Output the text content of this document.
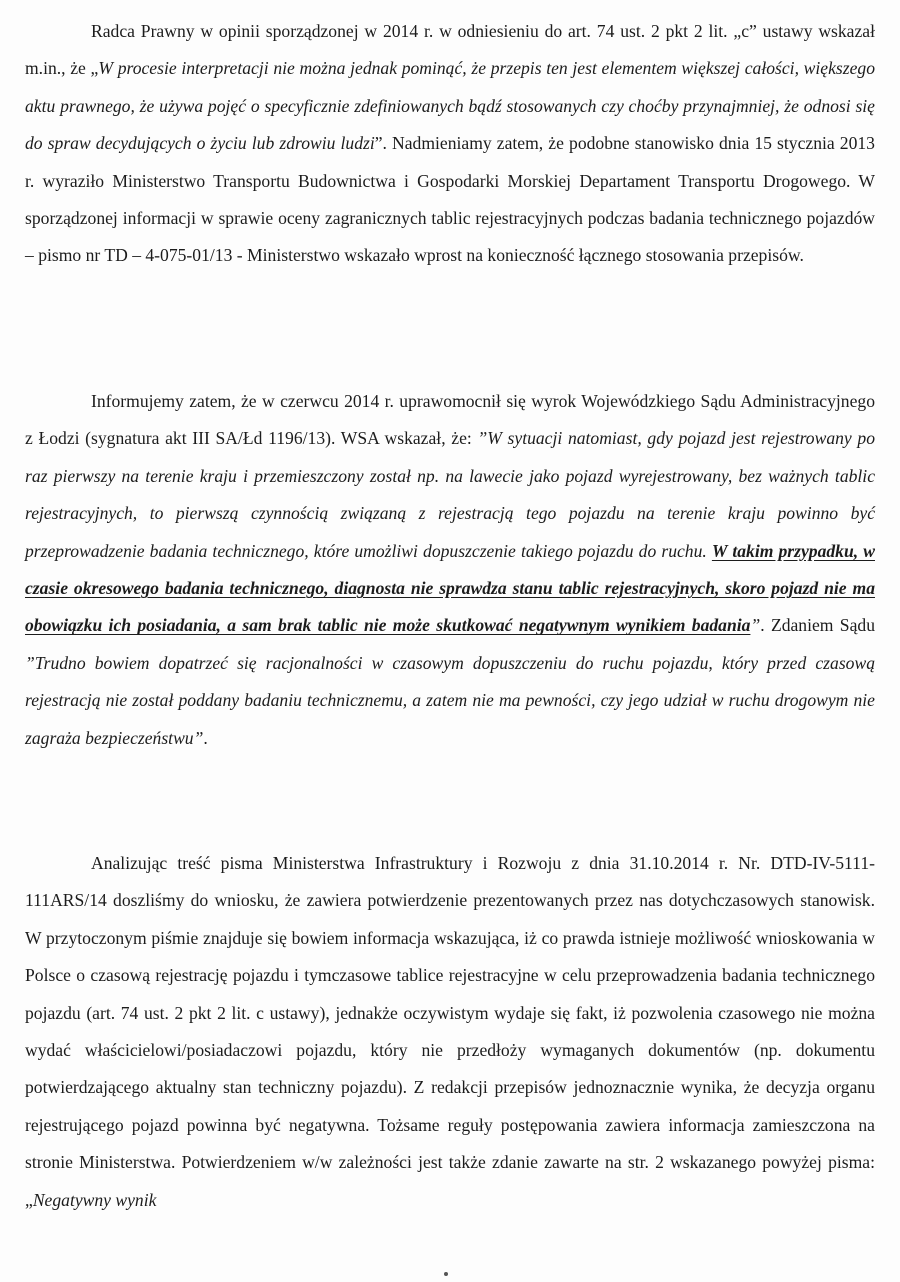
Radca Prawny w opinii sporządzonej w 2014 r. w odniesieniu do art. 74 ust. 2 pkt 2 lit. „c” ustawy wskazał m.in., że „W procesie interpretacji nie można jednak pominąć, że przepis ten jest elementem większej całości, większego aktu prawnego, że używa pojęć o specyficznie zdefiniowanych bądź stosowanych czy choćby przynajmniej, że odnosi się do spraw decydujących o życiu lub zdrowiu ludzi”. Nadmieniamy zatem, że podobne stanowisko dnia 15 stycznia 2013 r. wyraziło Ministerstwo Transportu Budownictwa i Gospodarki Morskiej Departament Transportu Drogowego. W sporządzonej informacji w sprawie oceny zagranicznych tablic rejestracyjnych podczas badania technicznego pojazdów – pismo nr TD – 4-075-01/13 - Ministerstwo wskazało wprost na konieczność łącznego stosowania przepisów.

Informujemy zatem, że w czerwcu 2014 r. uprawomocnił się wyrok Wojewódzkiego Sądu Administracyjnego z Łodzi (sygnatura akt III SA/Łd 1196/13). WSA wskazał, że: ”W sytuacji natomiast, gdy pojazd jest rejestrowany po raz pierwszy na terenie kraju i przemieszczony został np. na lawecie jako pojazd wyrejestrowany, bez ważnych tablic rejestracyjnych, to pierwszą czynnością związaną z rejestracją tego pojazdu na terenie kraju powinno być przeprowadzenie badania technicznego, które umożliwi dopuszczenie takiego pojazdu do ruchu. W takim przypadku, w czasie okresowego badania technicznego, diagnosta nie sprawdza stanu tablic rejestracyjnych, skoro pojazd nie ma obowiązku ich posiadania, a sam brak tablic nie może skutkować negatywnym wynikiem badania”. Zdaniem Sądu ”Trudno bowiem dopatrzeć się racjonalności w czasowym dopuszczeniu do ruchu pojazdu, który przed czasową rejestracją nie został poddany badaniu technicznemu, a zatem nie ma pewności, czy jego udział w ruchu drogowym nie zagraża bezpieczeństwu”.

Analizując treść pisma Ministerstwa Infrastruktury i Rozwoju z dnia 31.10.2014 r. Nr. DTD-IV-5111-111ARS/14 doszliśmy do wniosku, że zawiera potwierdzenie prezentowanych przez nas dotychczasowych stanowisk. W przytoczonym piśmie znajduje się bowiem informacja wskazująca, iż co prawda istnieje możliwość wnioskowania w Polsce o czasową rejestrację pojazdu i tymczasowe tablice rejestracyjne w celu przeprowadzenia badania technicznego pojazdu (art. 74 ust. 2 pkt 2 lit. c ustawy), jednakże oczywistym wydaje się fakt, iż pozwolenia czasowego nie można wydać właścicielowi/posiadaczowi pojazdu, który nie przedłoży wymaganych dokumentów (np. dokumentu potwierdzającego aktualny stan techniczny pojazdu). Z redakcji przepisów jednoznacznie wynika, że decyzja organu rejestrującego pojazd powinna być negatywna. Tożsame reguły postępowania zawiera informacja zamieszczona na stronie Ministerstwa. Potwierdzeniem w/w zależności jest także zdanie zawarte na str. 2 wskazanego powyżej pisma: „Negatywny wynik
